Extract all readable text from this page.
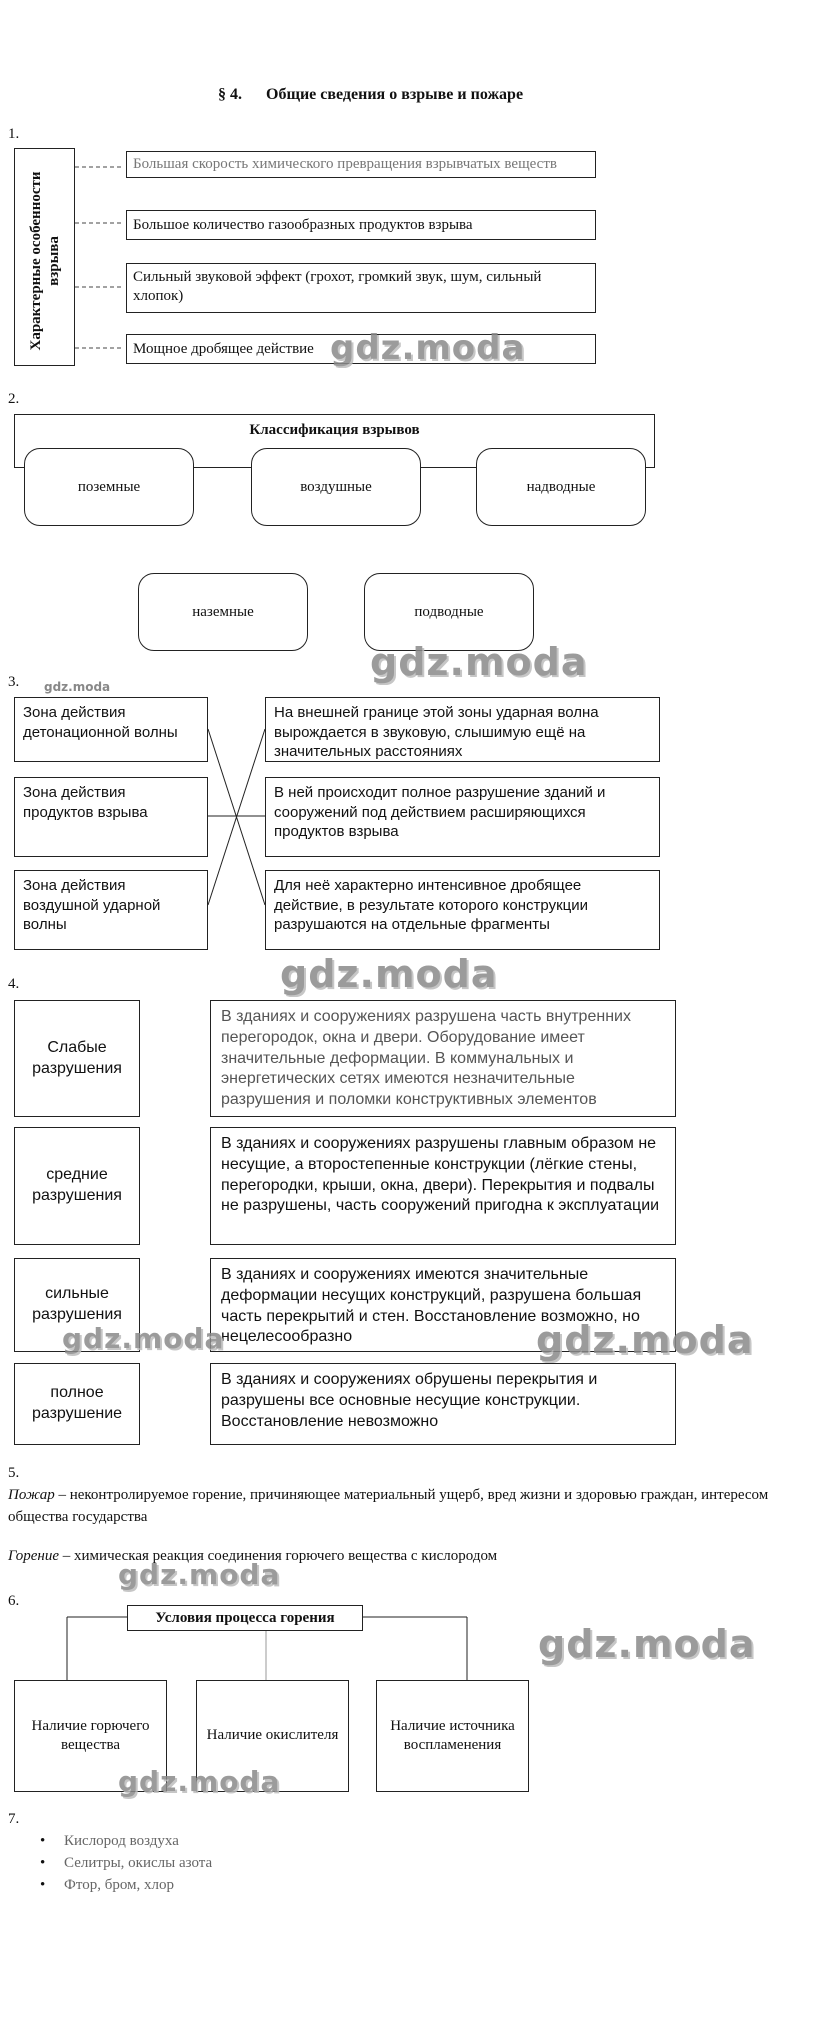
§ 4.      Общие сведения о взрыве и пожаре
1.
Характерные особенности взрыва
Большая скорость химического превращения взрывчатых веществ
Большое количество газообразных продуктов взрыва
Сильный звуковой эффект (грохот, громкий звук, шум, сильный хлопок)
Мощное дробящее действие
2.
Классификация взрывов
поземные	воздушные	надводные
наземные	подводные
3. gdz.moda
Зона действия детонационной волны
Зона действия продуктов взрыва
Зона действия воздушной ударной волны
На внешней границе этой зоны ударная волна вырождается в звуковую, слышимую ещё на значительных расстояниях
В ней происходит полное разрушение зданий и сооружений под действием расширяющихся продуктов взрыва
Для неё характерно интенсивное дробящее действие, в результате которого конструкции разрушаются на отдельные фрагменты
4.
Слабые разрушения
В зданиях и сооружениях разрушена часть внутренних перегородок, окна и двери. Оборудование имеет значительные деформации. В коммунальных и энергетических сетях имеются незначительные разрушения и поломки конструктивных элементов
средние разрушения
В зданиях и сооружениях разрушены главным образом не несущие, а второстепенные конструкции (лёгкие стены, перегородки, крыши, окна, двери). Перекрытия и подвалы не разрушены, часть сооружений пригодна к эксплуатации
сильные разрушения
В зданиях и сооружениях имеются значительные деформации несущих конструкций, разрушена большая часть перекрытий и стен. Восстановление возможно, но нецелесообразно
полное разрушение
В зданиях и сооружениях обрушены перекрытия и разрушены все основные несущие конструкции. Восстановление невозможно
5.
Пожар – неконтролируемое горение, причиняющее материальный ущерб, вред жизни и здоровью граждан, интересом общества государства
Горение – химическая реакция соединения горючего вещества с кислородом
6.
Условия процесса горения
Наличие горючего вещества
Наличие окислителя
Наличие источника воспламенения
7.
• Кислород воздуха
• Селитры, окислы азота
• Фтор, бром, хлор
gdz.moda
gdz.moda
gdz.moda
gdz.moda	gdz.moda
gdz.moda
gdz.moda
gdz.moda
